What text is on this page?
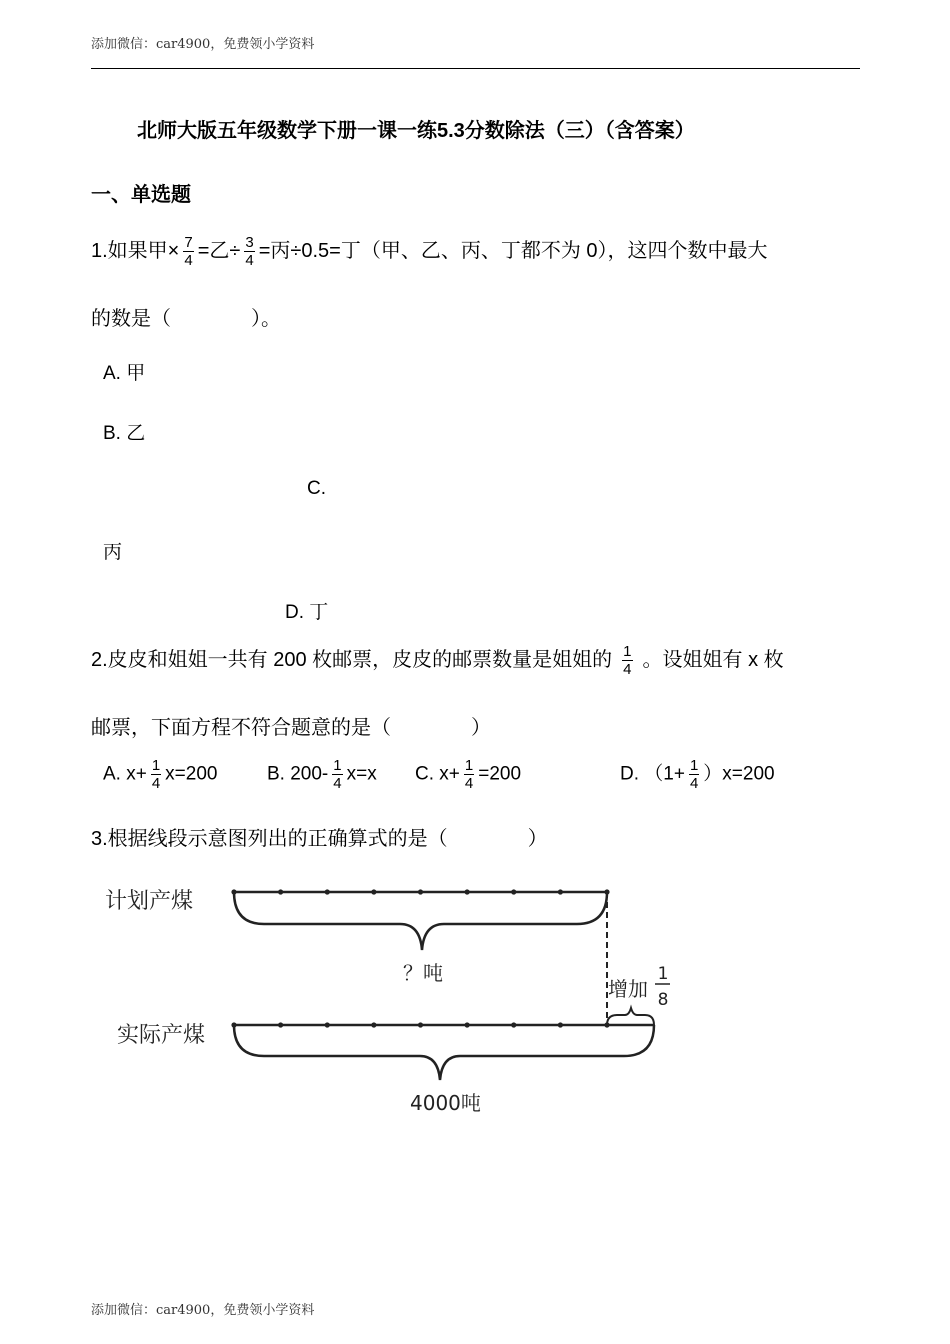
添加微信：car4900，免费领小学资料
北师大版五年级数学下册一课一练5.3分数除法（三）（含答案）
一、单选题
1.如果甲× $\frac{7}{4}$ =乙÷ $\frac{3}{4}$ =丙÷0.5=丁（甲、乙、丙、丁都不为 0），这四个数中最大
的数是（　　　　）。
A. 甲
B. 乙
C.
丙
D. 丁
2.皮皮和姐姐一共有 200 枚邮票，皮皮的邮票数量是姐姐的 $\frac{1}{4}$ 。设姐姐有 x 枚
邮票，下面方程不符合题意的是（　　　　）
A. $x+ \frac{1}{4} x=200$	B. $200- \frac{1}{4} x=x$ C. $x+ \frac{1}{4} =200$	D. $(1+ \frac{1}{4} )x=200$
3.根据线段示意图列出的正确算式的是（　　　　）
计划产煤
实际产煤
？吨
增加
1
8
4000吨
添加微信：car4900，免费领小学资料
